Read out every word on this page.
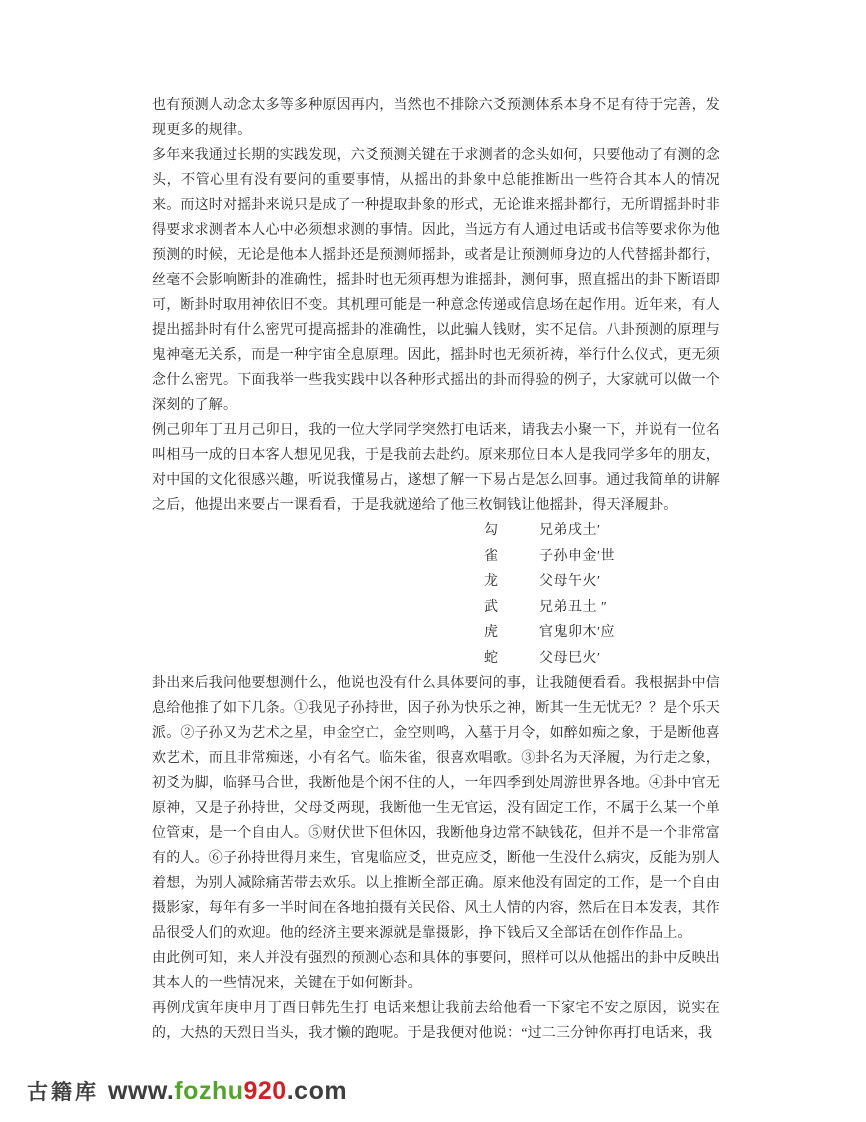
也有预测人动念太多等多种原因再内，当然也不排除六爻预测体系本身不足有待于完善，发现更多的规律。

多年来我通过长期的实践发现，六爻预测关键在于求测者的念头如何，只要他动了有测的念头，不管心里有没有要问的重要事情，从摇出的卦象中总能推断出一些符合其本人的情况来。而这时对摇卦来说只是成了一种提取卦象的形式，无论谁来摇卦都行，无所谓摇卦时非得要求求测者本人心中必须想求测的事情。因此，当远方有人通过电话或书信等要求你为他预测的时候，无论是他本人摇卦还是预测师摇卦，或者是让预测师身边的人代替摇卦都行，丝毫不会影响断卦的准确性，摇卦时也无须再想为谁摇卦，测何事，照直摇出的卦下断语即可，断卦时取用神依旧不变。其机理可能是一种意念传递或信息场在起作用。近年来，有人提出摇卦时有什么密咒可提高摇卦的准确性，以此骗人钱财，实不足信。八卦预测的原理与鬼神毫无关系，而是一种宇宙全息原理。因此，摇卦时也无须祈祷，举行什么仪式，更无须念什么密咒。下面我举一些我实践中以各种形式摇出的卦而得验的例子，大家就可以做一个深刻的了解。

例己卯年丁丑月己卯日，我的一位大学同学突然打电话来，请我去小聚一下，并说有一位名叫相马一成的日本客人想见见我，于是我前去赴约。原来那位日本人是我同学多年的朋友，对中国的文化很感兴趣，听说我懂易占，遂想了解一下易占是怎么回事。通过我简单的讲解之后，他提出来要占一课看看，于是我就递给了他三枚铜钱让他摇卦，得天泽履卦。

勾	兄弟戌土′
雀	子孙申金′世
龙	父母午火′
武	兄弟丑土 ″
虎	官鬼卯木′应
蛇	父母巳火′

卦出来后我问他要想测什么，他说也没有什么具体要问的事，让我随便看看。我根据卦中信息给他推了如下几条。①我见子孙持世，因子孙为快乐之神，断其一生无忧无？？是个乐天派。②子孙又为艺术之星，申金空亡，金空则鸣，入墓于月令，如醉如痴之象，于是断他喜欢艺术，而且非常痴迷，小有名气。临朱雀，很喜欢唱歌。③卦名为天泽履，为行走之象，初爻为脚，临驿马合世，我断他是个闲不住的人，一年四季到处周游世界各地。④卦中官无原神，又是子孙持世，父母爻两现，我断他一生无官运，没有固定工作，不属于么某一个单位管束，是一个自由人。⑤财伏世下但休囚，我断他身边常不缺钱花，但并不是一个非常富有的人。⑥子孙持世得月来生，官鬼临应爻，世克应爻，断他一生没什么病灾，反能为别人着想，为别人减除痛苦带去欢乐。以上推断全部正确。原来他没有固定的工作，是一个自由摄影家，每年有多一半时间在各地拍摄有关民俗、风土人情的内容，然后在日本发表，其作品很受人们的欢迎。他的经济主要来源就是靠摄影，挣下钱后又全部话在创作作品上。

由此例可知，来人并没有强烈的预测心态和具体的事要问，照样可以从他摇出的卦中反映出其本人的一些情况来，关键在于如何断卦。

再例戊寅年庚申月丁酉日韩先生打 电话来想让我前去给他看一下家宅不安之原因，说实在的，大热的天烈日当头，我才懒的跑呢。于是我便对他说：“过二三分钟你再打电话来，我

古籍库 www.fozhu920.com
